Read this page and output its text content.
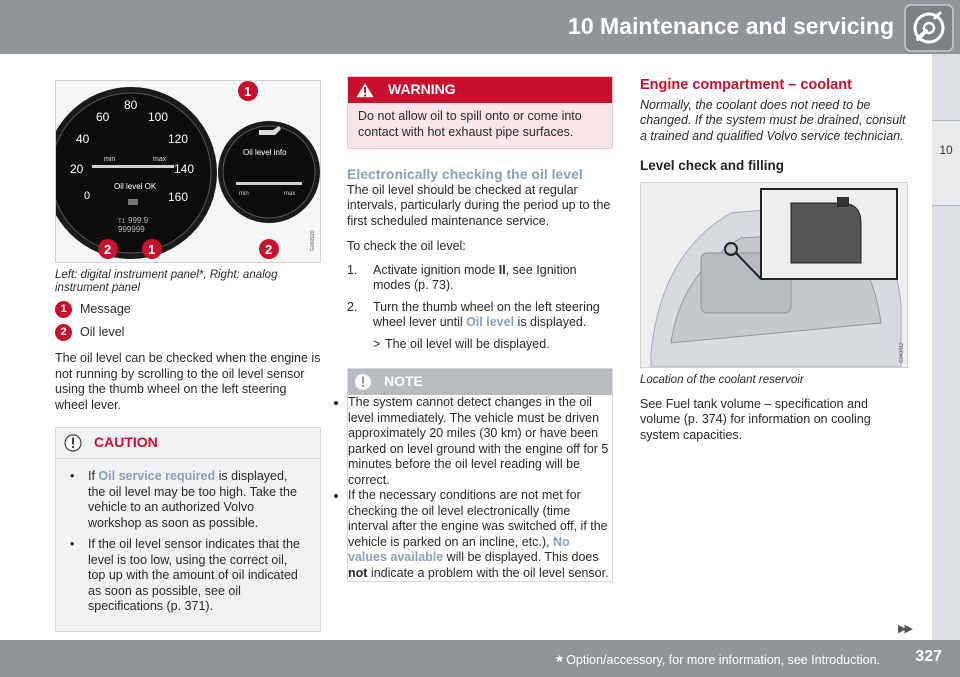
10 Maintenance and servicing
10
0
20
40
60
80
100
120
140
160
min	max
Oil level OK
T1 999.9
999999
Oil level info
min	max
1
2
1
2	G000920
Left: digital instrument panel*, Right: analog instrument panel
1	Message
2	Oil level

The oil level can be checked when the engine is not running by scrolling to the oil level sensor using the thumb wheel on the left steering wheel lever.

CAUTION
• If Oil service required is displayed, the oil level may be too high. Take the vehicle to an authorized Volvo workshop as soon as possible.
• If the oil level sensor indicates that the level is too low, using the correct oil, top up with the amount of oil indicated as soon as possible, see oil specifications (p. 371).
WARNING
Do not allow oil to spill onto or come into contact with hot exhaust pipe surfaces.
Electronically checking the oil level

The oil level should be checked at regular intervals, particularly during the period up to the first scheduled maintenance service.

To check the oil level:

1. Activate ignition mode II, see Ignition modes (p. 73).
2. Turn the thumb wheel on the left steering wheel lever until Oil level is displayed.
> The oil level will be displayed.
NOTE
• The system cannot detect changes in the oil level immediately. The vehicle must be driven approximately 20 miles (30 km) or have been parked on level ground with the engine off for 5 minutes before the oil level reading will be correct.
• If the necessary conditions are not met for checking the oil level electronically (time interval after the engine was switched off, if the vehicle is parked on an incline, etc.), No values available will be displayed. This does not indicate a problem with the oil level sensor.
Engine compartment – coolant

Normally, the coolant does not need to be changed. If the system must be drained, consult a trained and qualified Volvo service technician.

Level check and filling
G043412
Location of the coolant reservoir

See Fuel tank volume – specification and volume (p. 374) for information on cooling system capacities.

▶▶
* Option/accessory, for more information, see Introduction. 327
